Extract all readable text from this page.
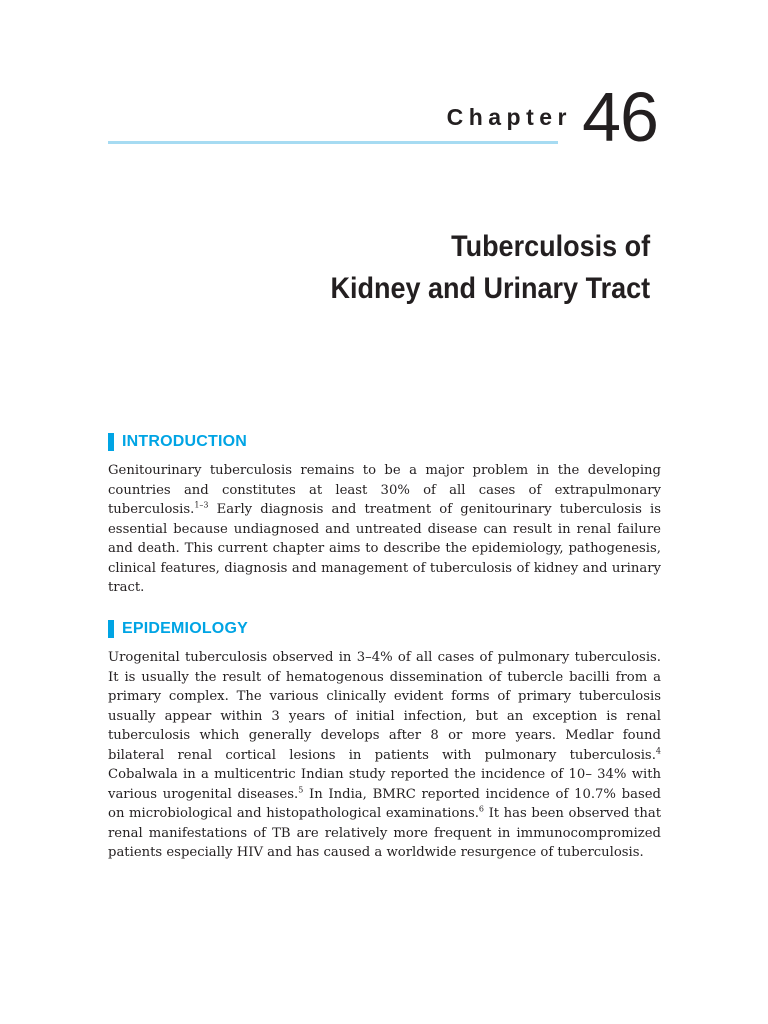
Chapter 46
Tuberculosis of
Kidney and Urinary Tract
INTRODUCTION

Genitourinary tuberculosis remains to be a major problem in the developing countries and constitutes at least 30% of all cases of extrapulmonary tuberculosis.$^{1-3}$ Early diagnosis and treatment of genitourinary tuberculosis is essential because undiagnosed and untreated disease can result in renal failure and death. This current chapter aims to describe the epidemiology, pathogenesis, clinical features, diagnosis and management of tuberculosis of kidney and urinary tract.

EPIDEMIOLOGY

Urogenital tuberculosis observed in 3–4% of all cases of pulmonary tuberculosis. It is usually the result of hematogenous dissemination of tubercle bacilli from a primary complex. The various clinically evident forms of primary tuberculosis usually appear within 3 years of initial infection, but an exception is renal tuberculosis which generally develops after 8 or more years. Medlar found bilateral renal cortical lesions in patients with pulmonary tuberculosis.$^4$ Cobalwala in a multicentric Indian study reported the incidence of 10– 34% with various urogenital diseases.$^5$ In India, BMRC reported incidence of 10.7% based on microbiological and histopathological examinations.$^6$ It has been observed that renal manifestations of TB are relatively more frequent in immunocompromized patients especially HIV and has caused a worldwide resurgence of tuberculosis.
